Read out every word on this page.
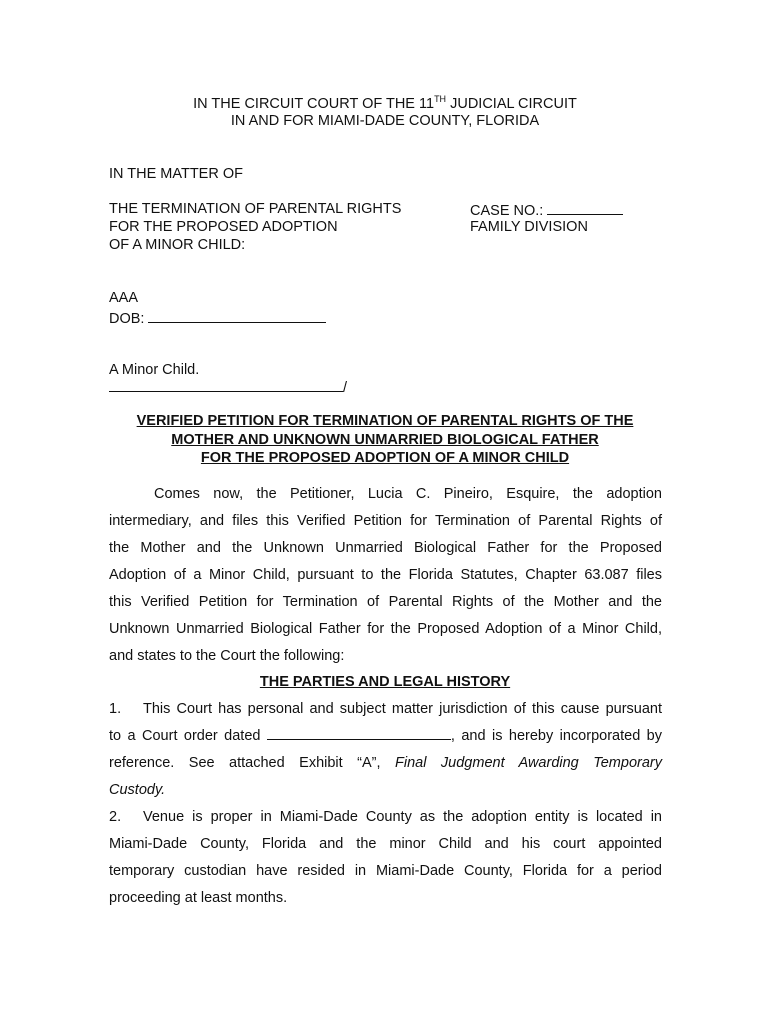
IN THE CIRCUIT COURT OF THE 11TH JUDICIAL CIRCUIT
IN AND FOR MIAMI-DADE COUNTY, FLORIDA
IN THE MATTER OF
THE TERMINATION OF PARENTAL RIGHTS
FOR THE PROPOSED ADOPTION
OF A MINOR CHILD:
CASE NO.:
FAMILY DIVISION
AAA
DOB:
A Minor Child.
/
VERIFIED PETITION FOR TERMINATION OF PARENTAL RIGHTS OF THE
MOTHER AND UNKNOWN UNMARRIED BIOLOGICAL FATHER
FOR THE PROPOSED ADOPTION OF A MINOR CHILD
Comes now, the Petitioner, Lucia C. Pineiro, Esquire, the adoption
intermediary, and files this Verified Petition for Termination of Parental Rights of
the Mother and the Unknown Unmarried Biological Father for the Proposed
Adoption of a Minor Child, pursuant to the Florida Statutes, Chapter 63.087 files
this Verified Petition for Termination of Parental Rights of the Mother and the
Unknown Unmarried Biological Father for the Proposed Adoption of a Minor Child,
and states to the Court the following:
THE PARTIES AND LEGAL HISTORY
1. This Court has personal and subject matter jurisdiction of this cause pursuant
to a Court order dated	, and is hereby incorporated by
reference. See attached Exhibit “A”, Final Judgment Awarding Temporary
Custody.
2. Venue is proper in Miami-Dade County as the adoption entity is located in
Miami-Dade County, Florida and the minor Child and his court appointed
temporary custodian have resided in Miami-Dade County, Florida for a period
proceeding at least months.
